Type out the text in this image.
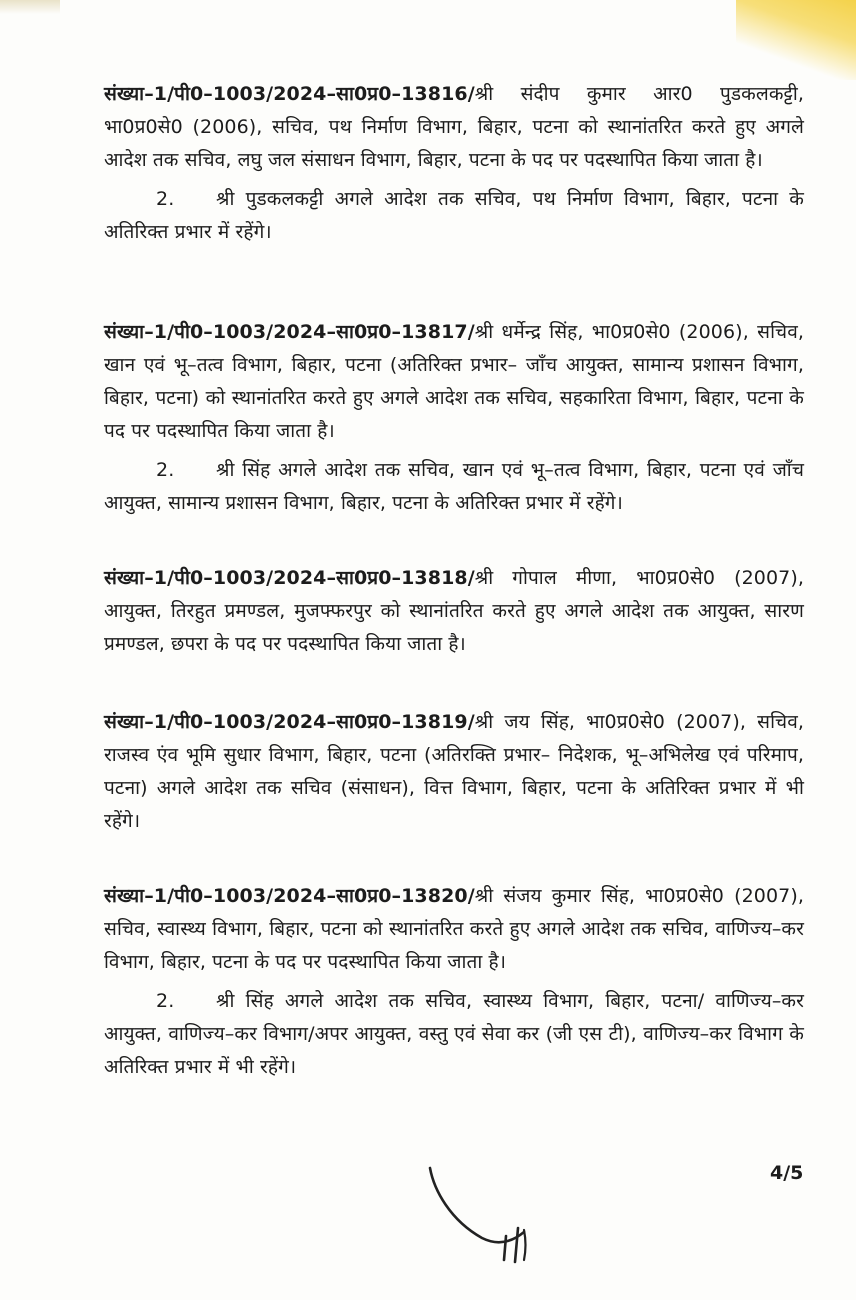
संख्या–1/पी0–1003/2024–सा0प्र0–13816/श्री संदीप कुमार आर0 पुडकलकट्टी, भा0प्र0से0 (2006), सचिव, पथ निर्माण विभाग, बिहार, पटना को स्थानांतरित करते हुए अगले आदेश तक सचिव, लघु जल संसाधन विभाग, बिहार, पटना के पद पर पदस्थापित किया जाता है।

2. श्री पुडकलकट्टी अगले आदेश तक सचिव, पथ निर्माण विभाग, बिहार, पटना के अतिरिक्त प्रभार में रहेंगे।

संख्या–1/पी0–1003/2024–सा0प्र0–13817/श्री धर्मेन्द्र सिंह, भा0प्र0से0 (2006), सचिव, खान एवं भू–तत्व विभाग, बिहार, पटना (अतिरिक्त प्रभार– जाँच आयुक्त, सामान्य प्रशासन विभाग, बिहार, पटना) को स्थानांतरित करते हुए अगले आदेश तक सचिव, सहकारिता विभाग, बिहार, पटना के पद पर पदस्थापित किया जाता है।

2. श्री सिंह अगले आदेश तक सचिव, खान एवं भू–तत्व विभाग, बिहार, पटना एवं जाँच आयुक्त, सामान्य प्रशासन विभाग, बिहार, पटना के अतिरिक्त प्रभार में रहेंगे।

संख्या–1/पी0–1003/2024–सा0प्र0–13818/श्री गोपाल मीणा, भा0प्र0से0 (2007), आयुक्त, तिरहुत प्रमण्डल, मुजफ्फरपुर को स्थानांतरित करते हुए अगले आदेश तक आयुक्त, सारण प्रमण्डल, छपरा के पद पर पदस्थापित किया जाता है।

संख्या–1/पी0–1003/2024–सा0प्र0–13819/श्री जय सिंह, भा0प्र0से0 (2007), सचिव, राजस्व एंव भूमि सुधार विभाग, बिहार, पटना (अतिरक्ति प्रभार– निदेशक, भू–अभिलेख एवं परिमाप, पटना) अगले आदेश तक सचिव (संसाधन), वित्त विभाग, बिहार, पटना के अतिरिक्त प्रभार में भी रहेंगे।

संख्या–1/पी0–1003/2024–सा0प्र0–13820/श्री संजय कुमार सिंह, भा0प्र0से0 (2007), सचिव, स्वास्थ्य विभाग, बिहार, पटना को स्थानांतरित करते हुए अगले आदेश तक सचिव, वाणिज्य–कर विभाग, बिहार, पटना के पद पर पदस्थापित किया जाता है।

2. श्री सिंह अगले आदेश तक सचिव, स्वास्थ्य विभाग, बिहार, पटना/ वाणिज्य–कर आयुक्त, वाणिज्य–कर विभाग/अपर आयुक्त, वस्तु एवं सेवा कर (जी एस टी), वाणिज्य–कर विभाग के अतिरिक्त प्रभार में भी रहेंगे।

4/5
